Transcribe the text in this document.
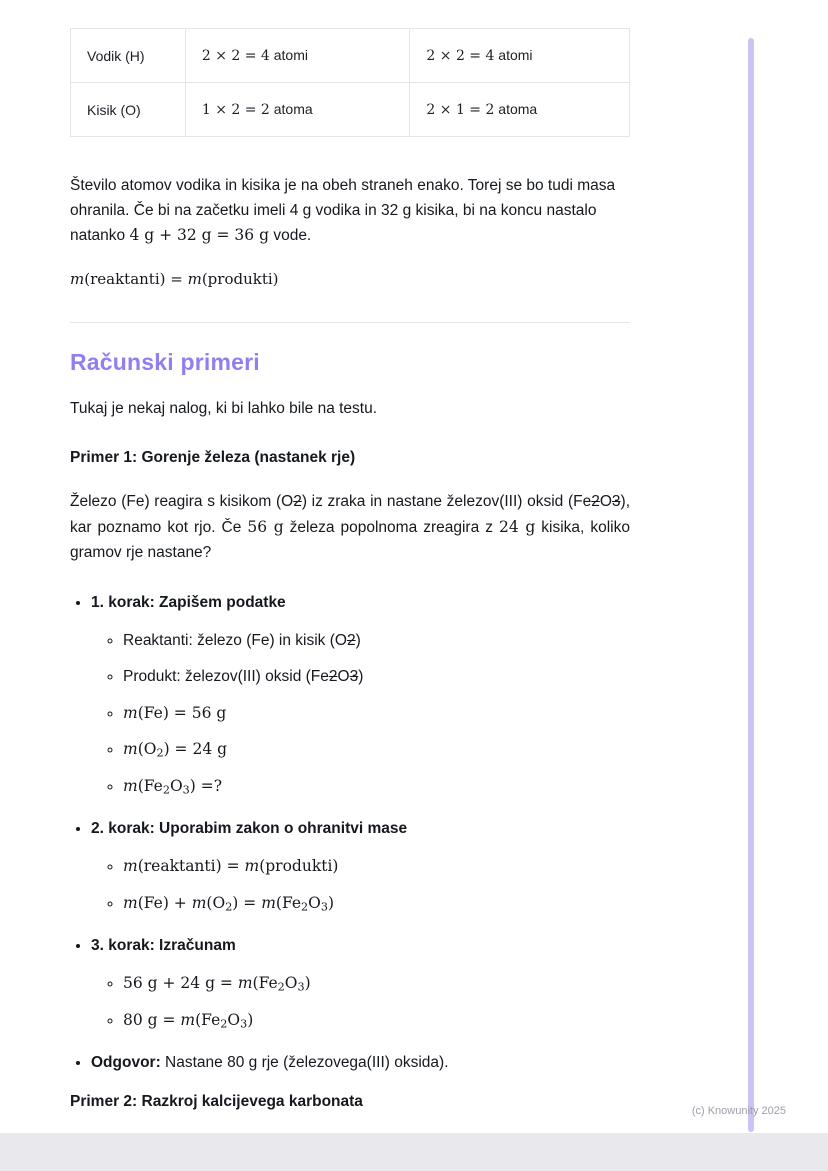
Vodik (H)	2 × 2 = 4 atomi	2 × 2 = 4 atomi
Kisik (O)	1 × 2 = 2 atoma	2 × 1 = 2 atoma

Število atomov vodika in kisika je na obeh straneh enako. Torej se bo tudi masa ohranila. Če bi na začetku imeli 4 g vodika in 32 g kisika, bi na koncu nastalo natanko 4 g + 32 g = 36 g vode.

m(reaktanti) = m(produkti)

Računski primeri

Tukaj je nekaj nalog, ki bi lahko bile na testu.

Primer 1: Gorenje železa (nastanek rje)

Železo (Fe) reagira s kisikom (O2) iz zraka in nastane železov(III) oksid (Fe2O3), kar poznamo kot rjo. Če 56 g železa popolnoma zreagira z 24 g kisika, koliko gramov rje nastane?

• 1. korak: Zapišem podatke
◦ Reaktanti: železo (Fe) in kisik (O2)
◦ Produkt: železov(III) oksid (Fe2O3)
◦ m(Fe) = 56 g
◦ m(O2) = 24 g
◦ m(Fe2O3) =?
• 2. korak: Uporabim zakon o ohranitvi mase
◦ m(reaktanti) = m(produkti)
◦ m(Fe) + m(O2) = m(Fe2O3)
• 3. korak: Izračunam
◦ 56 g + 24 g = m(Fe2O3)
◦ 80 g = m(Fe2O3)
• Odgovor: Nastane 80 g rje (železovega(III) oksida).

Primer 2: Razkroj kalcijevega karbonata

(c) Knowunity 2025
